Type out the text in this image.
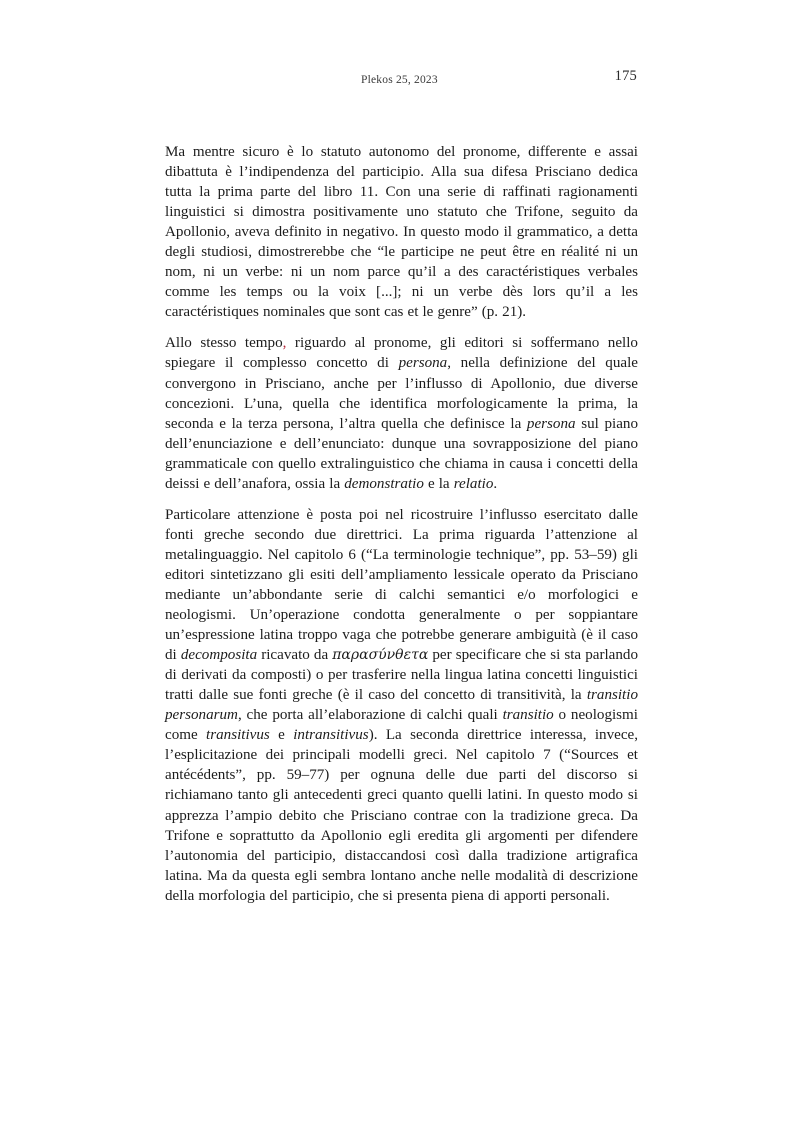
Plekos 25, 2023	175

Ma mentre sicuro è lo statuto autonomo del pronome, differente e assai dibattuta è l’indipendenza del participio. Alla sua difesa Prisciano dedica tutta la prima parte del libro 11. Con una serie di raffinati ragionamenti linguistici si dimostra positivamente uno statuto che Trifone, seguito da Apollonio, aveva definito in negativo. In questo modo il grammatico, a detta degli studiosi, dimostrerebbe che “le participe ne peut être en réalité ni un nom, ni un verbe: ni un nom parce qu’il a des caractéristiques verbales comme les temps ou la voix [...]; ni un verbe dès lors qu’il a les caractéristiques nominales que sont cas et le genre” (p. 21).

Allo stesso tempo, riguardo al pronome, gli editori si soffermano nello spiegare il complesso concetto di persona, nella definizione del quale convergono in Prisciano, anche per l’influsso di Apollonio, due diverse concezioni. L’una, quella che identifica morfologicamente la prima, la seconda e la terza persona, l’altra quella che definisce la persona sul piano dell’enunciazione e dell’enunciato: dunque una sovrapposizione del piano grammaticale con quello extralinguistico che chiama in causa i concetti della deissi e dell’anafora, ossia la demonstratio e la relatio.

Particolare attenzione è posta poi nel ricostruire l’influsso esercitato dalle fonti greche secondo due direttrici. La prima riguarda l’attenzione al metalinguaggio. Nel capitolo 6 (“La terminologie technique”, pp. 53–59) gli editori sintetizzano gli esiti dell’ampliamento lessicale operato da Prisciano mediante un’abbondante serie di calchi semantici e/o morfologici e neologismi. Un’operazione condotta generalmente o per soppiantare un’espressione latina troppo vaga che potrebbe generare ambiguità (è il caso di decomposita ricavato da παρασύνθετα per specificare che si sta parlando di derivati da composti) o per trasferire nella lingua latina concetti linguistici tratti dalle sue fonti greche (è il caso del concetto di transitività, la transitio personarum, che porta all’elaborazione di calchi quali transitio o neologismi come transitivus e intransitivus). La seconda direttrice interessa, invece, l’esplicitazione dei principali modelli greci. Nel capitolo 7 (“Sources et antécédents”, pp. 59–77) per ognuna delle due parti del discorso si richiamano tanto gli antecedenti greci quanto quelli latini. In questo modo si apprezza l’ampio debito che Prisciano contrae con la tradizione greca. Da Trifone e soprattutto da Apollonio egli eredita gli argomenti per difendere l’autonomia del participio, distaccandosi così dalla tradizione artigrafica latina. Ma da questa egli sembra lontano anche nelle modalità di descrizione della morfologia del participio, che si presenta piena di apporti personali.
